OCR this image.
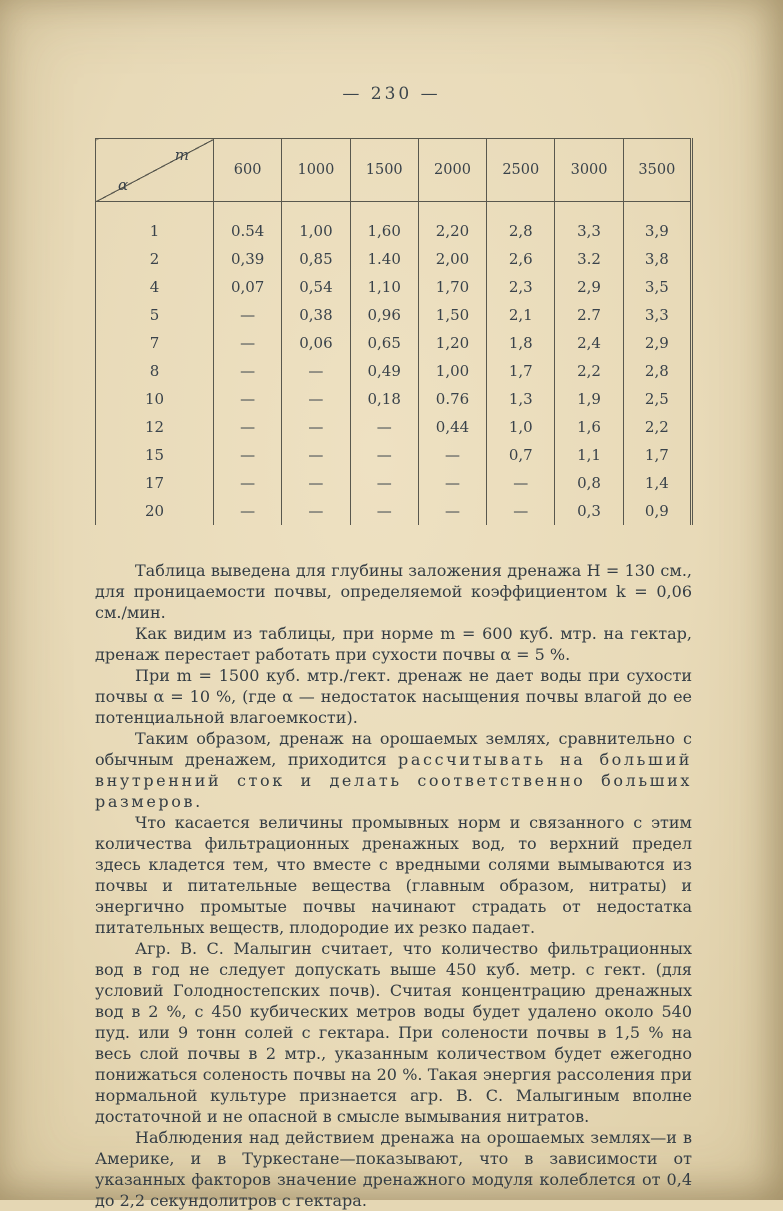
— 230 —
m
α	600	1000	1500	2000	2500	3000	3500

1	0.54	1,00	1,60	2,20	2,8	3,3	3,9
2	0,39	0,85	1.40	2,00	2,6	3.2	3,8
4	0,07	0,54	1,10	1,70	2,3	2,9	3,5
5	—	0,38	0,96	1,50	2,1	2.7	3,3
7	—	0,06	0,65	1,20	1,8	2,4	2,9
8	—	—	0,49	1,00	1,7	2,2	2,8
10	—	—	0,18	0.76	1,3	1,9	2,5
12	—	—	—	0,44	1,0	1,6	2,2
15	—	—	—	—	0,7	1,1	1,7
17	—	—	—	—	—	0,8	1,4
20	—	—	—	—	—	0,3	0,9

Таблица выведена для глубины заложения дренажа H = 130 см., для проницаемости почвы, определяемой коэффициентом k = 0,06 см./мин.

Как видим из таблицы, при норме m = 600 куб. мтр. на гектар, дренаж перестает работать при сухости почвы α = 5 %.

При m = 1500 куб. мтр./гект. дренаж не дает воды при сухости почвы α = 10 %, (где α — недостаток насыщения почвы влагой до ее потенциальной влагоемкости).

Таким образом, дренаж на орошаемых землях, сравнительно с обычным дренажем, приходится рассчитывать на больший внутренний сток и делать соответственно больших размеров.

Что касается величины промывных норм и связанного с этим количества фильтрационных дренажных вод, то верхний предел здесь кладется тем, что вместе с вредными солями вымываются из почвы и питательные вещества (главным образом, нитраты) и энергично промытые почвы начинают страдать от недостатка питательных веществ, плодородие их резко падает.

Агр. В. С. Малыгин считает, что количество фильтрационных вод в год не следует допускать выше 450 куб. метр. с гект. (для условий Голодностепских почв). Считая концентрацию дренажных вод в 2 %, с 450 кубических метров воды будет удалено около 540 пуд. или 9 тонн солей с гектара. При солености почвы в 1,5 % на весь слой почвы в 2 мтр., указанным количеством будет ежегодно понижаться соленость почвы на 20 %. Такая энергия рассоления при нормальной культуре признается агр. В. С. Малыгиным вполне достаточной и не опасной в смысле вымывания нитратов.

Наблюдения над действием дренажа на орошаемых землях—и в Америке, и в Туркестане—показывают, что в зависимости от указанных факторов значение дренажного модуля колеблется от 0,4 до 2,2 секундолитров с гектара.
